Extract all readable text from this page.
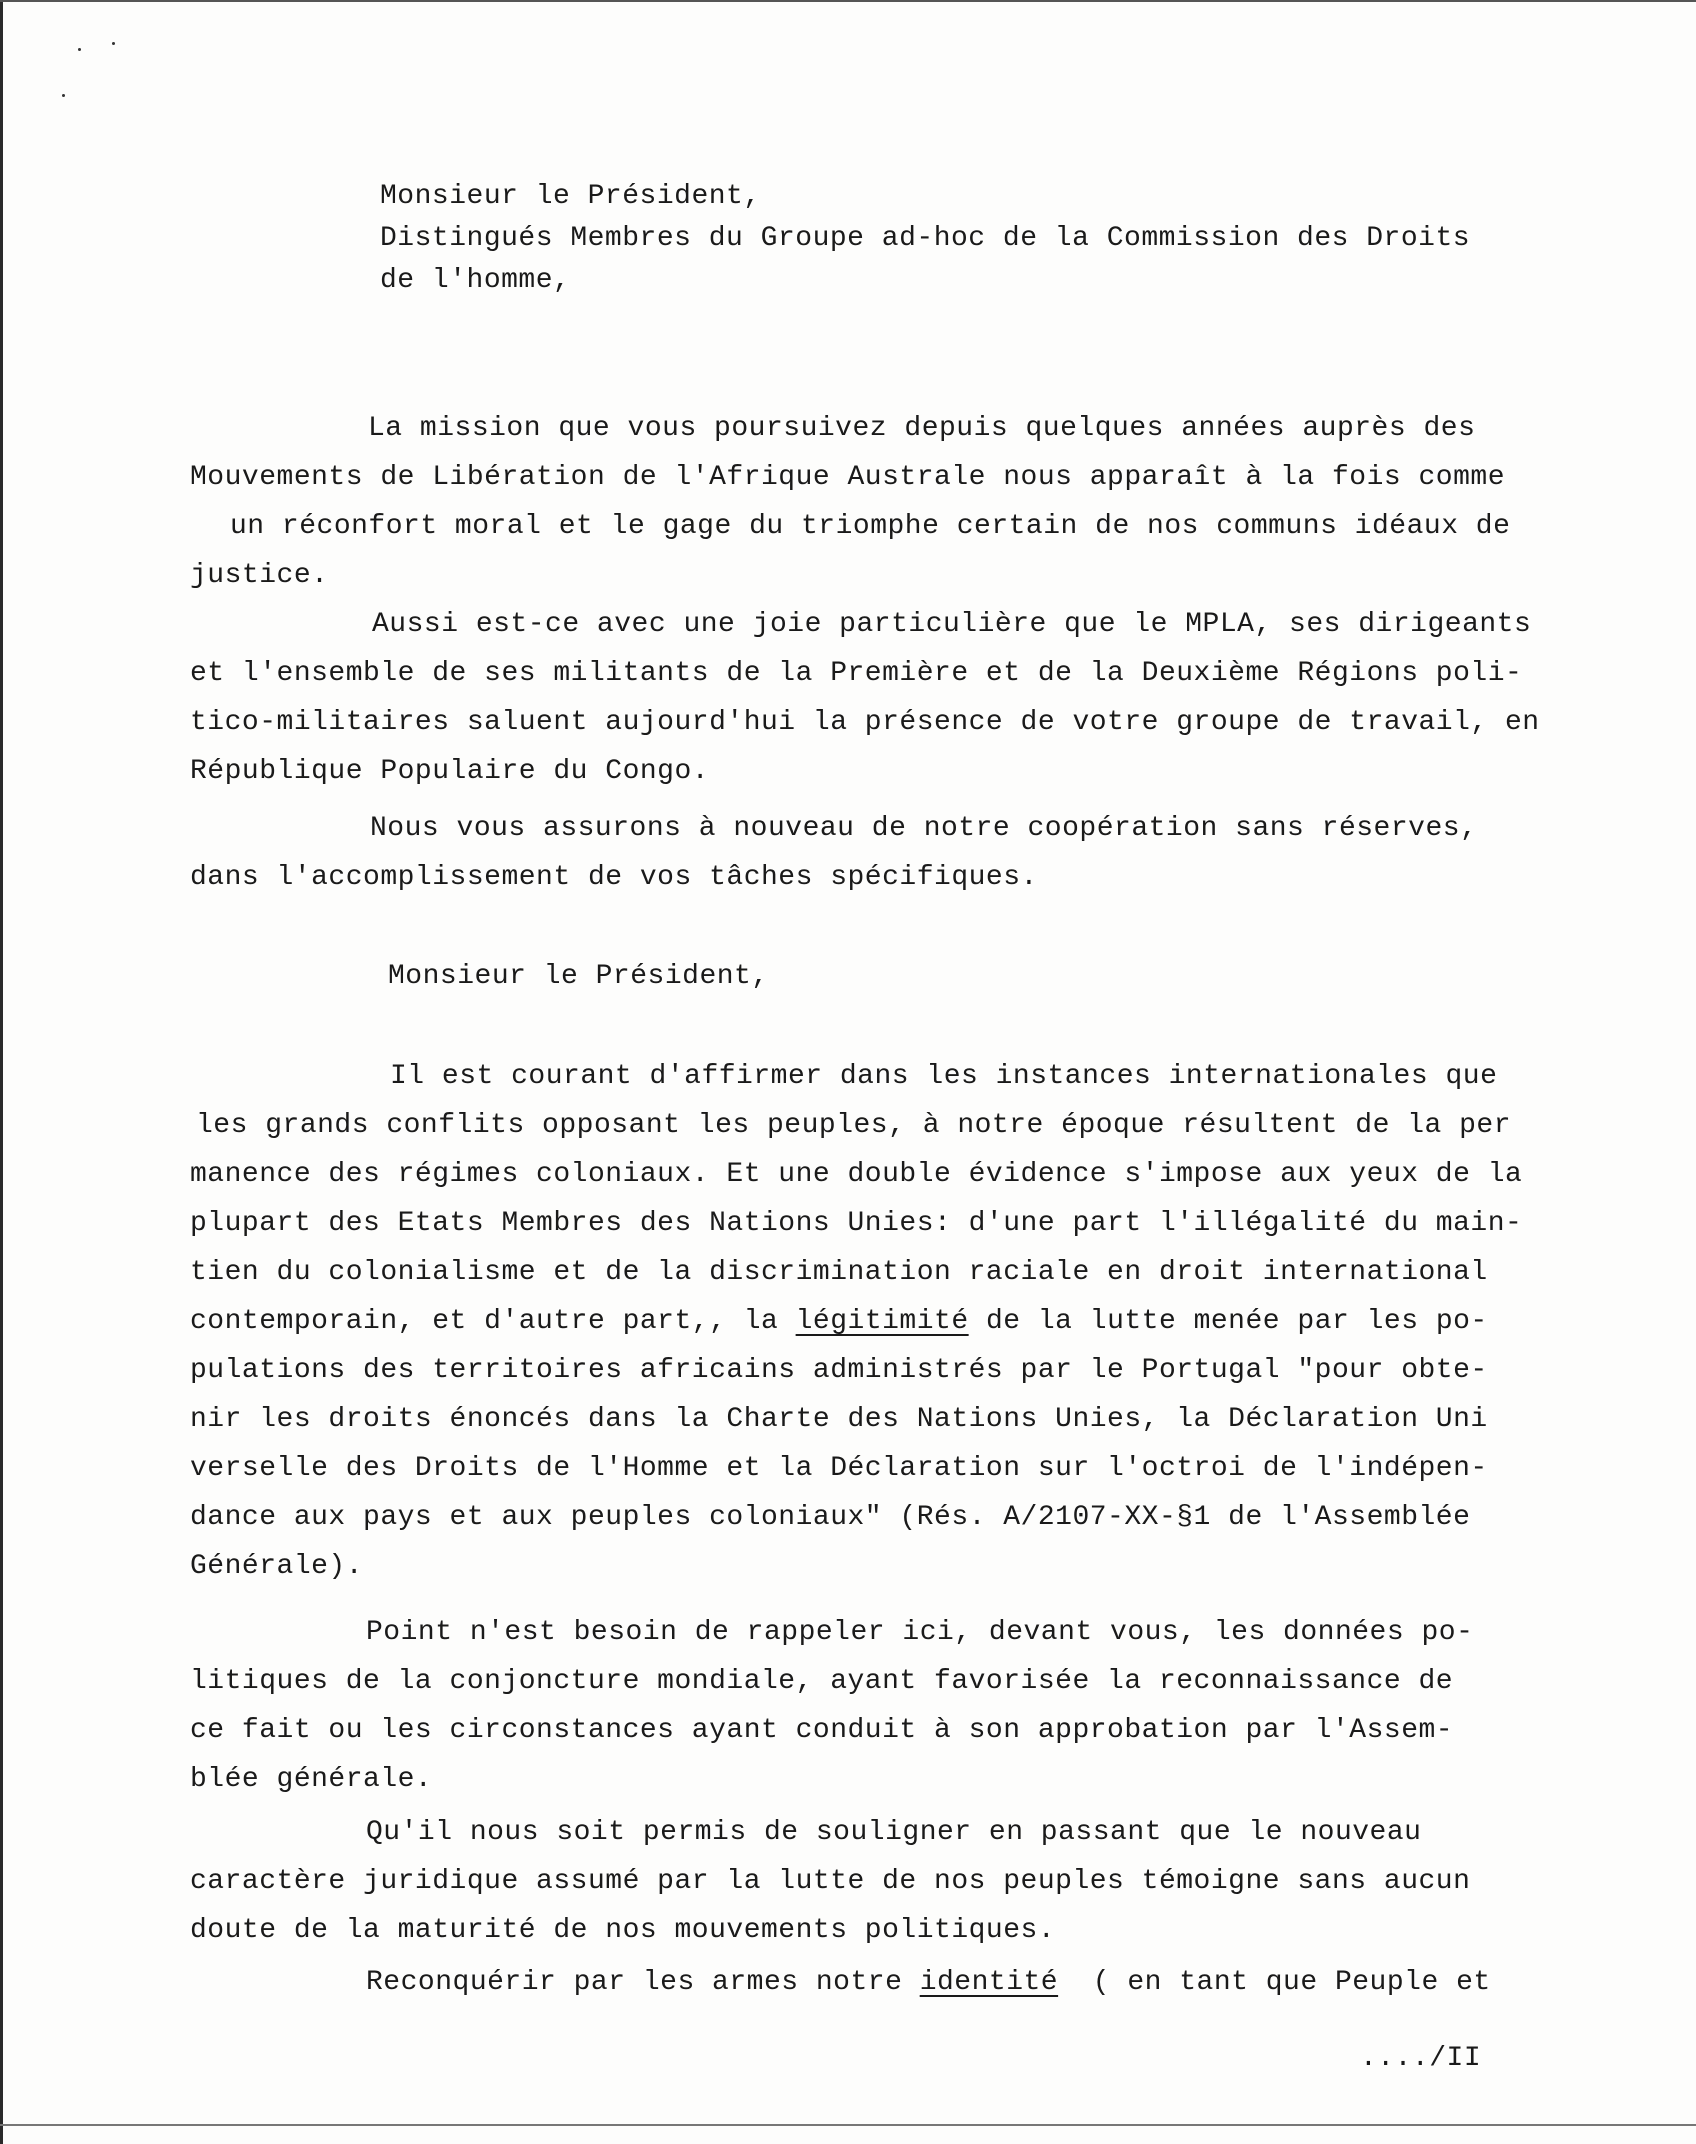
Monsieur le Président,
Distingués Membres du Groupe ad-hoc de la Commission des Droits
de l'homme,
La mission que vous poursuivez depuis quelques années auprès des
Mouvements de Libération de l'Afrique Australe nous apparaît à la fois comme
un réconfort moral et le gage du triomphe certain de nos communs idéaux de
justice.
Aussi est-ce avec une joie particulière que le MPLA, ses dirigeants
et l'ensemble de ses militants de la Première et de la Deuxième Régions poli-
tico-militaires saluent aujourd'hui la présence de votre groupe de travail, en
République Populaire du Congo.
Nous vous assurons à nouveau de notre coopération sans réserves,
dans l'accomplissement de vos tâches spécifiques.
Monsieur le Président,
Il est courant d'affirmer dans les instances internationales que
les grands conflits opposant les peuples, à notre époque résultent de la per
manence des régimes coloniaux. Et une double évidence s'impose aux yeux de la
plupart des Etats Membres des Nations Unies: d'une part l'illégalité du main-
tien du colonialisme et de la discrimination raciale en droit international
contemporain, et d'autre part,, la légitimité de la lutte menée par les po-
pulations des territoires africains administrés par le Portugal "pour obte-
nir les droits énoncés dans la Charte des Nations Unies, la Déclaration Uni
verselle des Droits de l'Homme et la Déclaration sur l'octroi de l'indépen-
dance aux pays et aux peuples coloniaux" (Rés. A/2107-XX-§1 de l'Assemblée
Générale).
Point n'est besoin de rappeler ici, devant vous, les données po-
litiques de la conjoncture mondiale, ayant favorisée la reconnaissance de
ce fait ou les circonstances ayant conduit à son approbation par l'Assem-
blée générale.
Qu'il nous soit permis de souligner en passant que le nouveau
caractère juridique assumé par la lutte de nos peuples témoigne sans aucun
doute de la maturité de nos mouvements politiques.
Reconquérir par les armes notre identité  ( en tant que Peuple et
..../II
